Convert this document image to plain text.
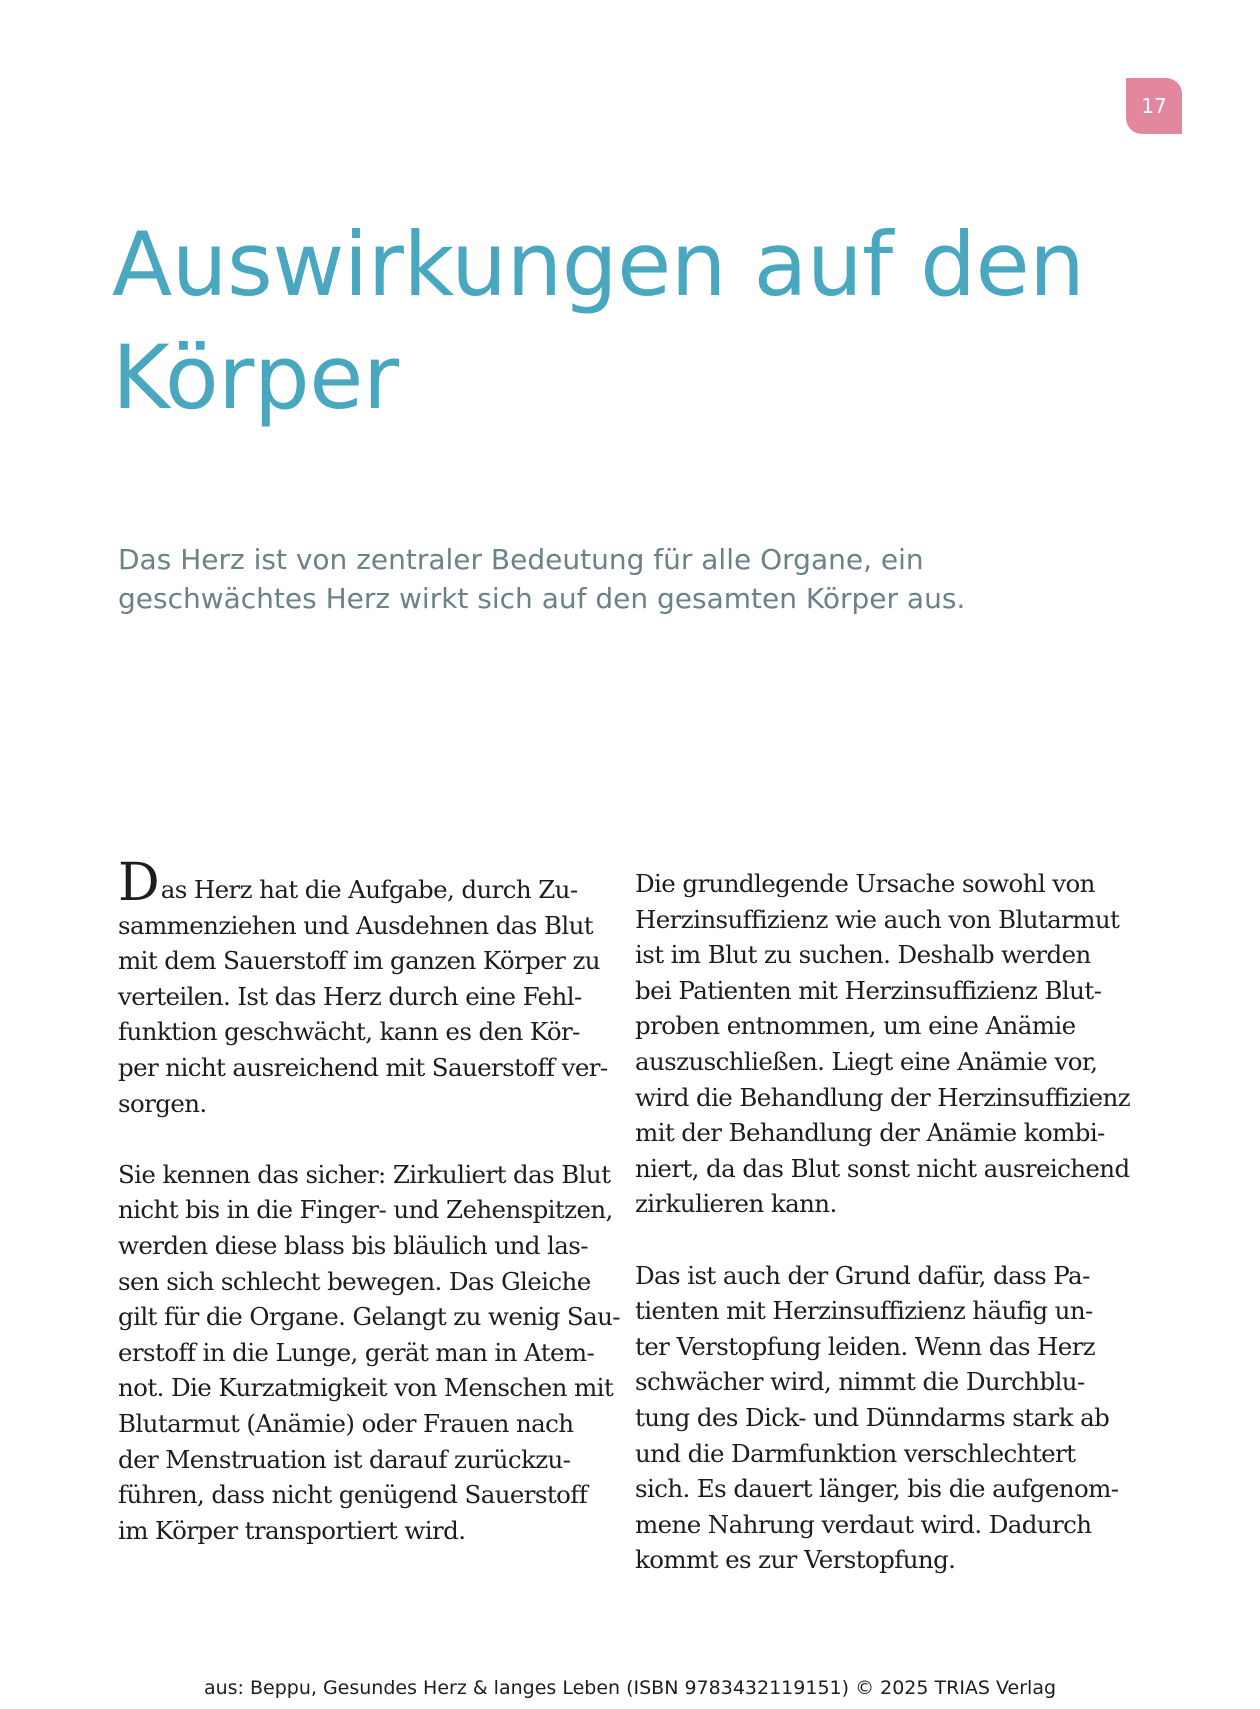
17
Auswirkungen auf den
Körper

Das Herz ist von zentraler Bedeutung für alle Organe, ein
geschwächtes Herz wirkt sich auf den gesamten Körper aus.

Das Herz hat die Aufgabe, durch Zu-
sammenziehen und Ausdehnen das Blut
mit dem Sauerstoff im ganzen Körper zu
verteilen. Ist das Herz durch eine Fehl-
funktion geschwächt, kann es den Kör-
per nicht ausreichend mit Sauerstoff ver-
sorgen.

Sie kennen das sicher: Zirkuliert das Blut
nicht bis in die Finger- und Zehenspitzen,
werden diese blass bis bläulich und las-
sen sich schlecht bewegen. Das Gleiche
gilt für die Organe. Gelangt zu wenig Sau-
erstoff in die Lunge, gerät man in Atem-
not. Die Kurzatmigkeit von Menschen mit
Blutarmut (Anämie) oder Frauen nach
der Menstruation ist darauf zurückzu-
führen, dass nicht genügend Sauerstoff
im Körper transportiert wird.

Die grundlegende Ursache sowohl von
Herzinsuffizienz wie auch von Blutarmut
ist im Blut zu suchen. Deshalb werden
bei Patienten mit Herzinsuffizienz Blut-
proben entnommen, um eine Anämie
auszuschließen. Liegt eine Anämie vor,
wird die Behandlung der Herzinsuffizienz
mit der Behandlung der Anämie kombi-
niert, da das Blut sonst nicht ausreichend
zirkulieren kann.

Das ist auch der Grund dafür, dass Pa-
tienten mit Herzinsuffizienz häufig un-
ter Verstopfung leiden. Wenn das Herz
schwächer wird, nimmt die Durchblu-
tung des Dick- und Dünndarms stark ab
und die Darmfunktion verschlechtert
sich. Es dauert länger, bis die aufgenom-
mene Nahrung verdaut wird. Dadurch
kommt es zur Verstopfung.

aus: Beppu, Gesundes Herz & langes Leben (ISBN 9783432119151) © 2025 TRIAS Verlag
